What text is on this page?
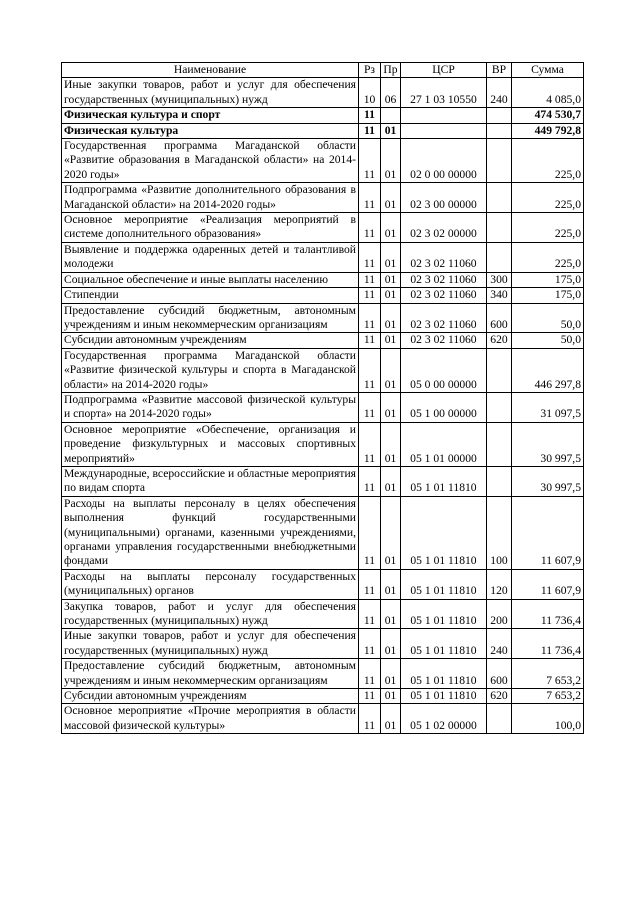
Наименование	Рз	Пр	ЦСР	ВР	Сумма
Иные закупки товаров, работ и услуг для обеспечения государственных (муниципальных) нужд	10	06	27 1 03 10550	240	4 085,0
Физическая культура и спорт	11				474 530,7
Физическая культура	11	01			449 792,8
Государственная программа Магаданской области «Развитие образования в Магаданской области» на 2014-2020 годы»	11	01	02 0 00 00000		225,0
Подпрограмма «Развитие дополнительного образования в Магаданской области» на 2014-2020 годы»	11	01	02 3 00 00000		225,0
Основное мероприятие «Реализация мероприятий в системе дополнительного образования»	11	01	02 3 02 00000		225,0
Выявление и поддержка одаренных детей и талантливой молодежи	11	01	02 3 02 11060		225,0
Социальное обеспечение и иные выплаты населению	11	01	02 3 02 11060	300	175,0
Стипендии	11	01	02 3 02 11060	340	175,0
Предоставление субсидий бюджетным, автономным учреждениям и иным некоммерческим организациям	11	01	02 3 02 11060	600	50,0
Субсидии автономным учреждениям	11	01	02 3 02 11060	620	50,0
Государственная программа Магаданской области «Развитие физической культуры и спорта в Магаданской области» на 2014-2020 годы»	11	01	05 0 00 00000		446 297,8
Подпрограмма «Развитие массовой физической культуры и спорта» на 2014-2020 годы»	11	01	05 1 00 00000		31 097,5
Основное мероприятие «Обеспечение, организация и проведение физкультурных и массовых спортивных мероприятий»	11	01	05 1 01 00000		30 997,5
Международные, всероссийские и областные мероприятия по видам спорта	11	01	05 1 01 11810		30 997,5
Расходы на выплаты персоналу в целях обеспечения выполнения функций государственными (муниципальными) органами, казенными учреждениями, органами управления государственными внебюджетными фондами	11	01	05 1 01 11810	100	11 607,9
Расходы на выплаты персоналу государственных (муниципальных) органов	11	01	05 1 01 11810	120	11 607,9
Закупка товаров, работ и услуг для обеспечения государственных (муниципальных) нужд	11	01	05 1 01 11810	200	11 736,4
Иные закупки товаров, работ и услуг для обеспечения государственных (муниципальных) нужд	11	01	05 1 01 11810	240	11 736,4
Предоставление субсидий бюджетным, автономным учреждениям и иным некоммерческим организациям	11	01	05 1 01 11810	600	7 653,2
Субсидии автономным учреждениям	11	01	05 1 01 11810	620	7 653,2
Основное мероприятие «Прочие мероприятия в области массовой физической культуры»	11	01	05 1 02 00000		100,0
